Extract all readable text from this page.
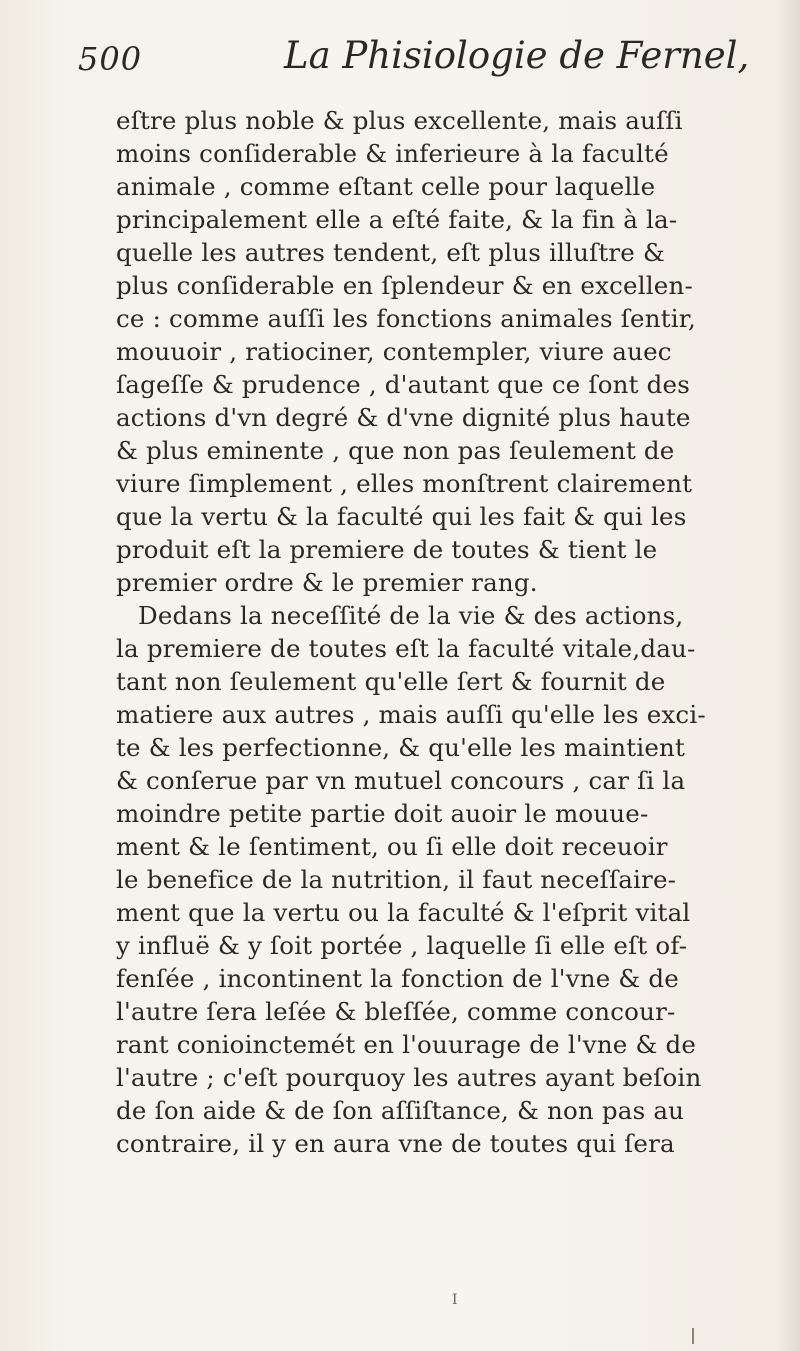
500	La Phisiologie de Fernel,
eſtre plus noble & plus excellente, mais auſſi
moins conſiderable & inferieure à la faculté
animale , comme eſtant celle pour laquelle
principalement elle a eſté faite, & la fin à la-
quelle les autres tendent, eſt plus illuſtre &
plus conſiderable en ſplendeur & en excellen-
ce : comme auſſi les fonctions animales ſentir,
mouuoir , ratiociner, contempler, viure auec
ſageſſe & prudence , d'autant que ce ſont des
actions d'vn degré & d'vne dignité plus haute
& plus eminente , que non pas ſeulement de
viure ſimplement , elles monſtrent clairement
que la vertu & la faculté qui les fait & qui les
produit eſt la premiere de toutes & tient le
premier ordre & le premier rang.
Dedans la neceſſité de la vie & des actions,
la premiere de toutes eſt la faculté vitale,dau-
tant non ſeulement qu'elle ſert & fournit de
matiere aux autres , mais auſſi qu'elle les exci-
te & les perfectionne, & qu'elle les maintient
& conſerue par vn mutuel concours , car ſi la
moindre petite partie doit auoir le mouue-
ment & le ſentiment, ou ſi elle doit receuoir
le benefice de la nutrition, il faut neceſſaire-
ment que la vertu ou la faculté & l'eſprit vital
y influë & y ſoit portée , laquelle ſi elle eſt of-
fenſée , incontinent la fonction de l'vne & de
l'autre ſera leſée & bleſſée, comme concour-
rant conioinctemét en l'ouurage de l'vne & de
l'autre ; c'eſt pourquoy les autres ayant beſoin
de ſon aide & de ſon aſſiſtance, & non pas au
contraire, il y en aura vne de toutes qui ſera
I
